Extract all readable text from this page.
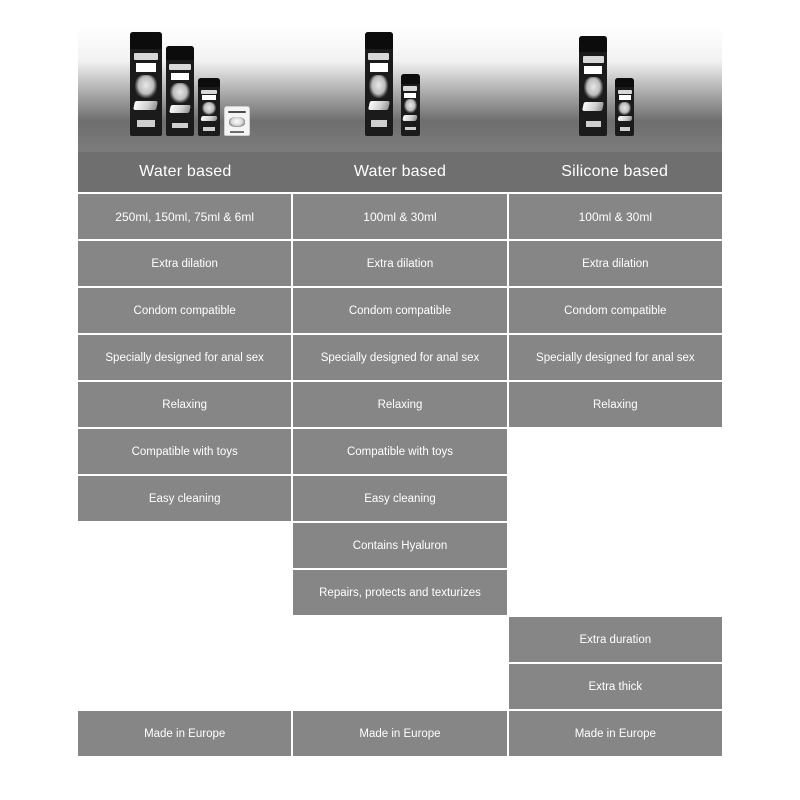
Water based	Water based	Silicone based
250ml, 150ml, 75ml & 6ml
Extra dilation
Condom compatible
Specially designed for anal sex
Relaxing
Compatible with toys
Easy cleaning
Made in Europe
100ml & 30ml
Extra dilation
Condom compatible
Specially designed for anal sex
Relaxing
Compatible with toys
Easy cleaning
Contains Hyaluron
Repairs, protects and texturizes
Made in Europe
100ml & 30ml
Extra dilation
Condom compatible
Specially designed for anal sex
Relaxing
Extra duration
Extra thick
Made in Europe
